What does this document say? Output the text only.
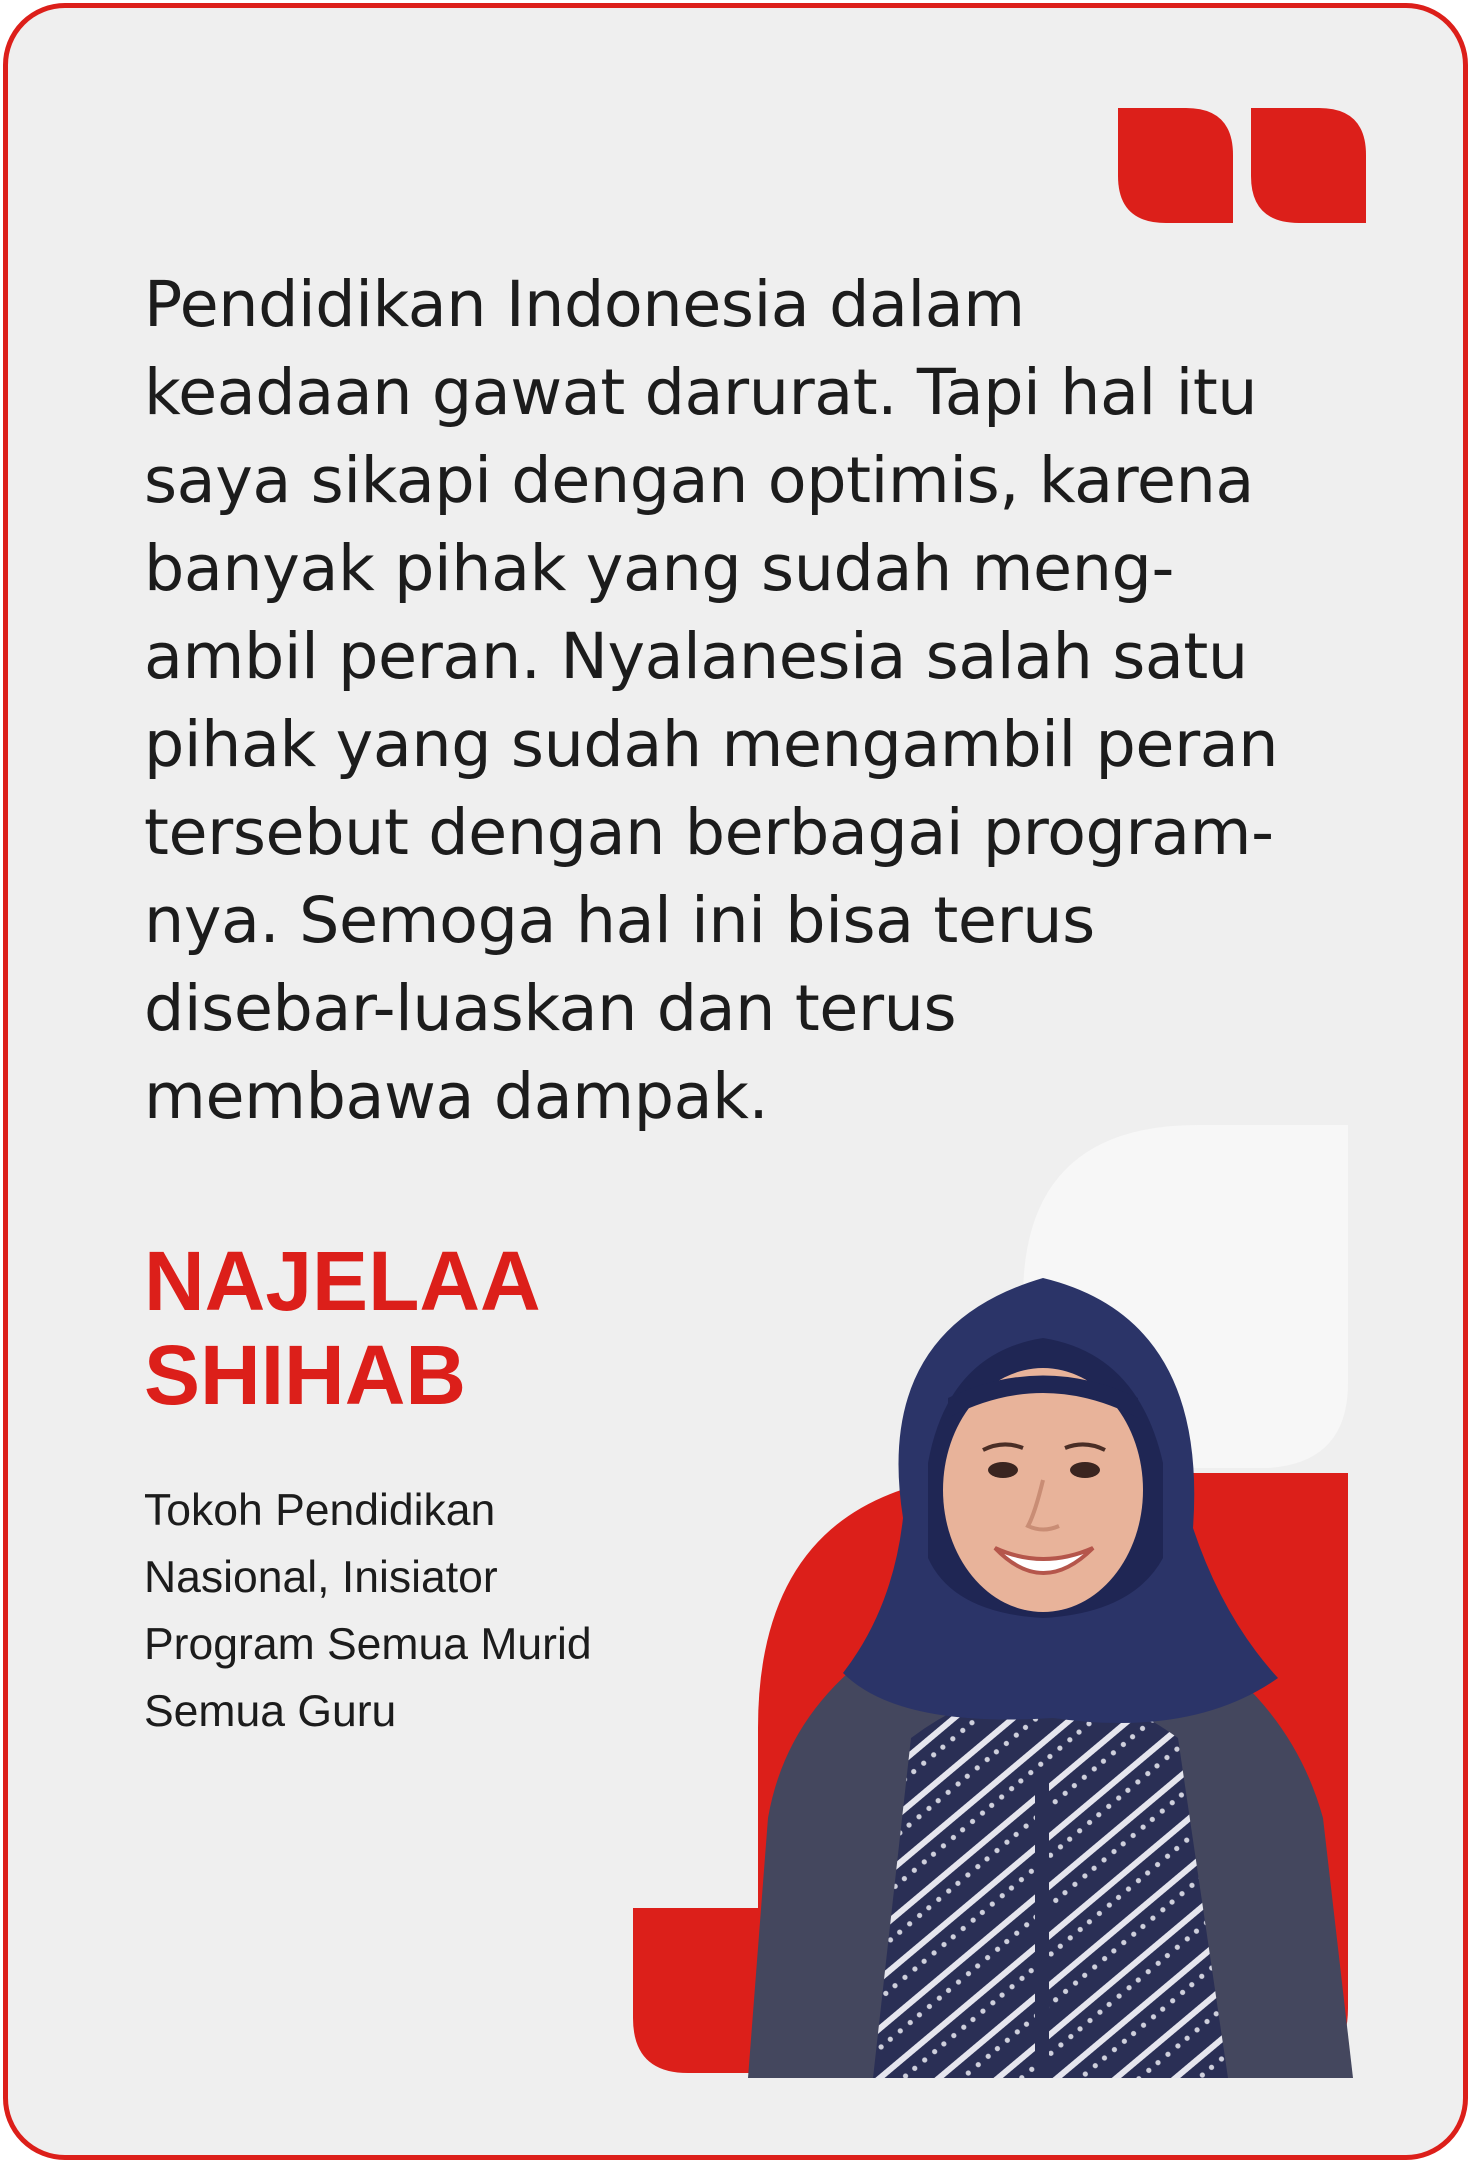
Pendidikan Indonesia dalam
keadaan gawat darurat. Tapi hal itu
saya sikapi dengan optimis, karena
banyak pihak yang sudah meng-
ambil peran. Nyalanesia salah satu
pihak yang sudah mengambil peran
tersebut dengan berbagai program-
nya. Semoga hal ini bisa terus
disebar-luaskan dan terus
membawa dampak.

NAJELAA
SHIHAB

Tokoh Pendidikan
Nasional, Inisiator
Program Semua Murid
Semua Guru
